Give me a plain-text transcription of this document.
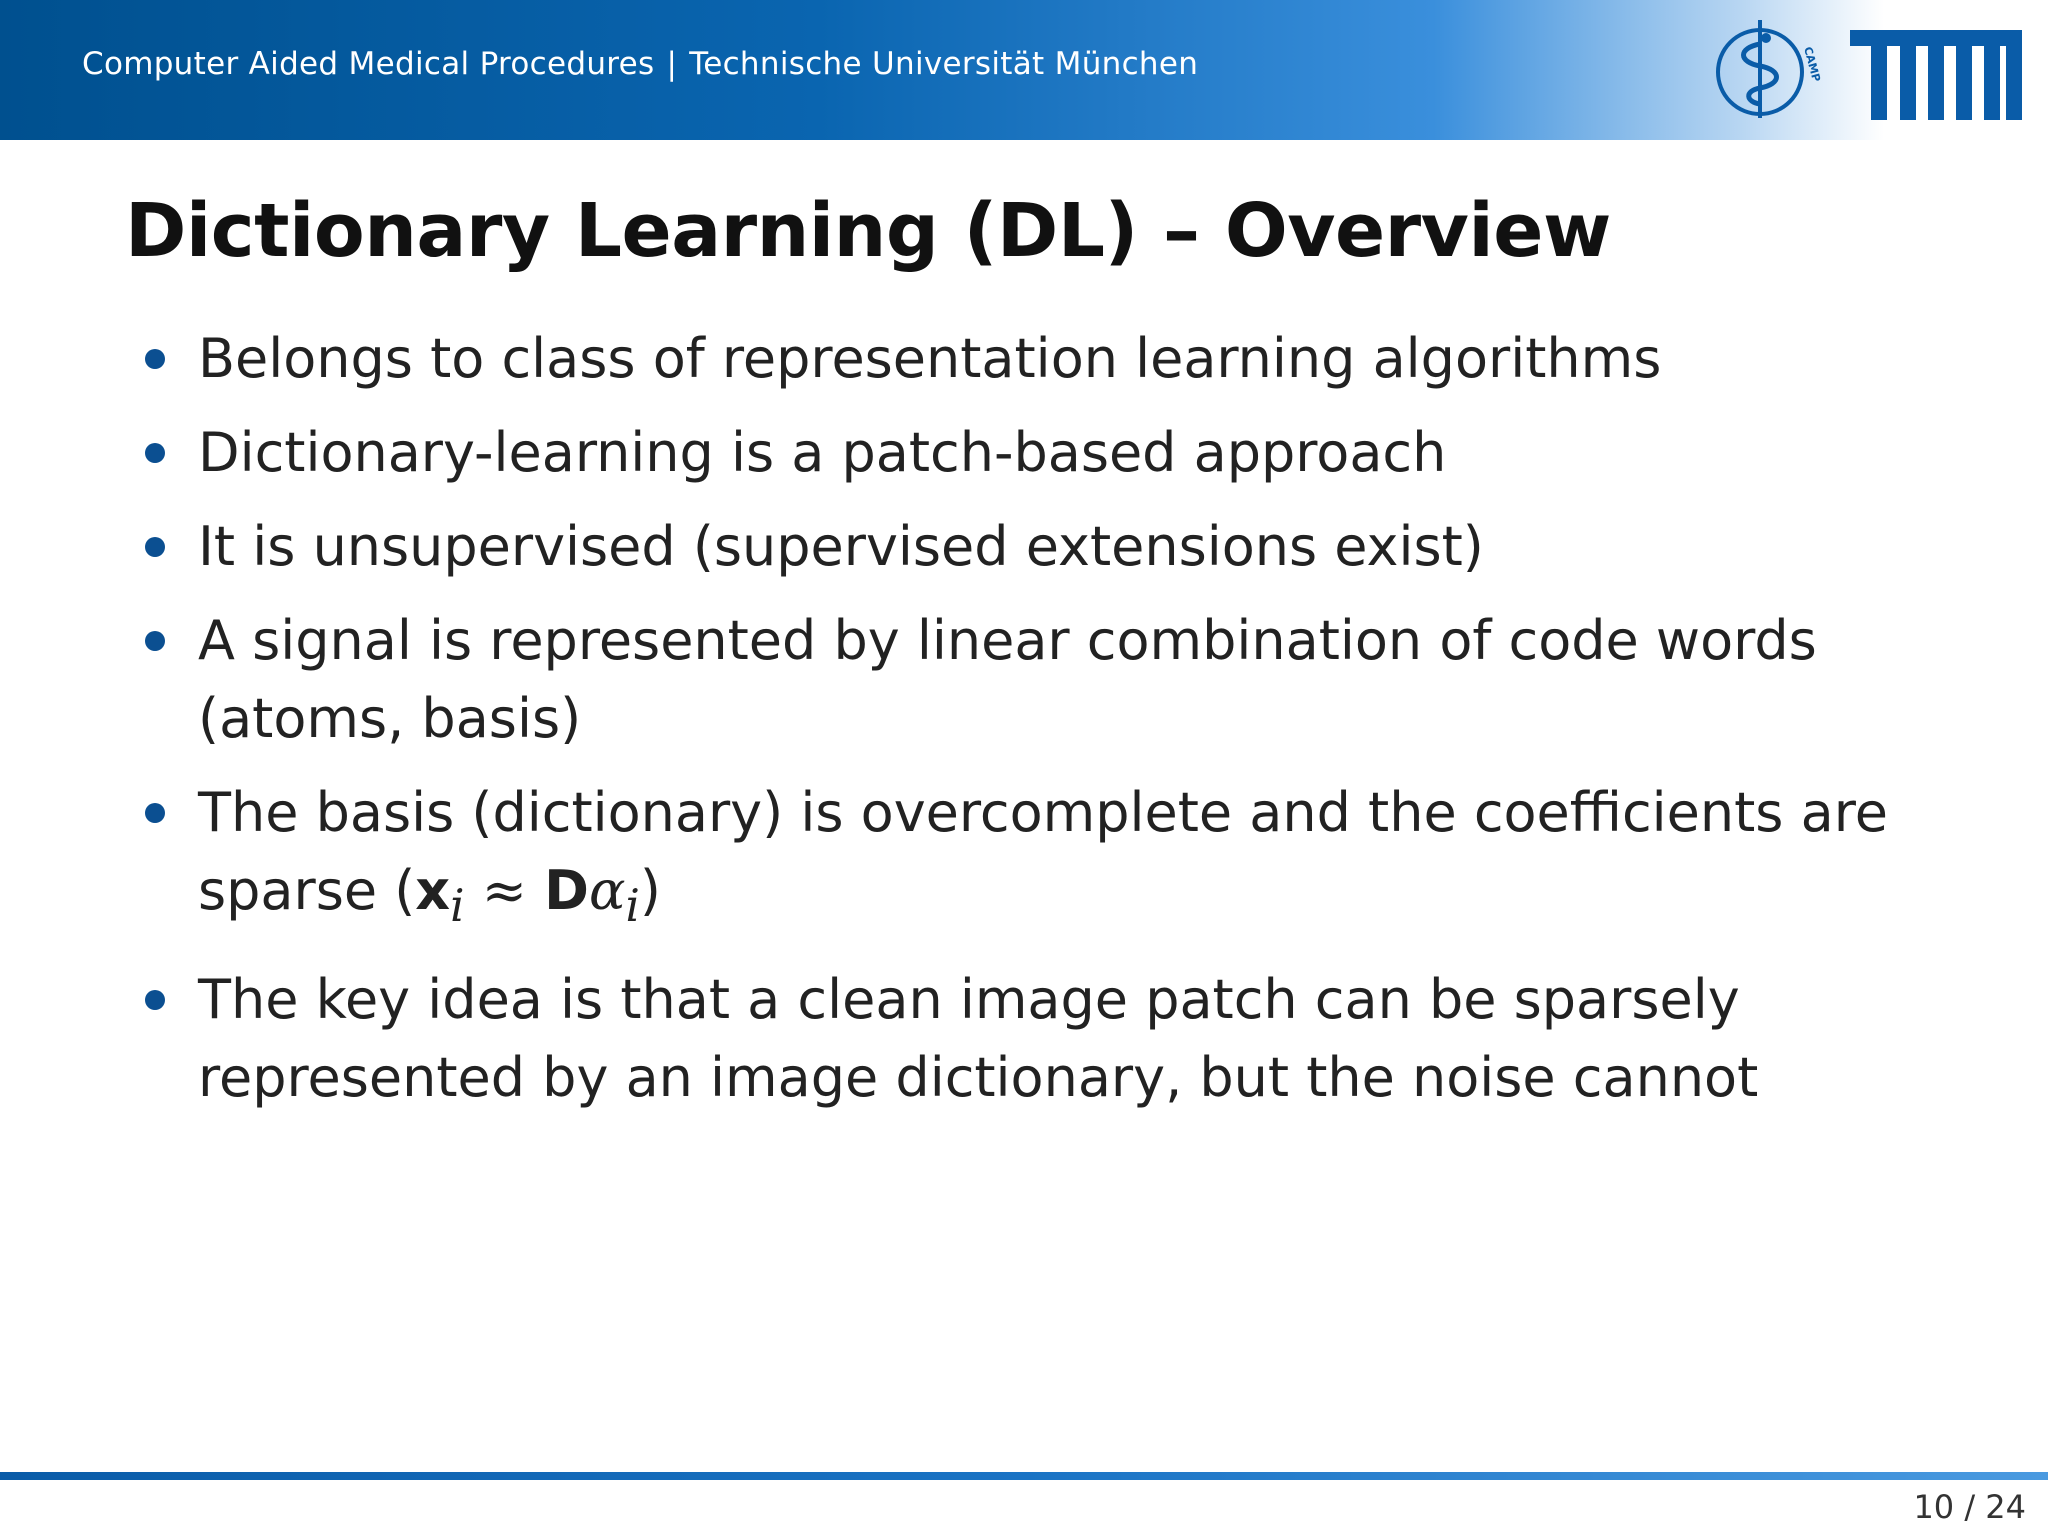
Computer Aided Medical Procedures | Technische Universität München	CAMP
Dictionary Learning (DL) – Overview
Belongs to class of representation learning algorithms
Dictionary-learning is a patch-based approach
It is unsupervised (supervised extensions exist)
A signal is represented by linear combination of code words (atoms, basis)
The basis (dictionary) is overcomplete and the coefficients are sparse $(x_i \approx D\alpha_i)$
The key idea is that a clean image patch can be sparsely represented by an image dictionary, but the noise cannot
10 / 24
